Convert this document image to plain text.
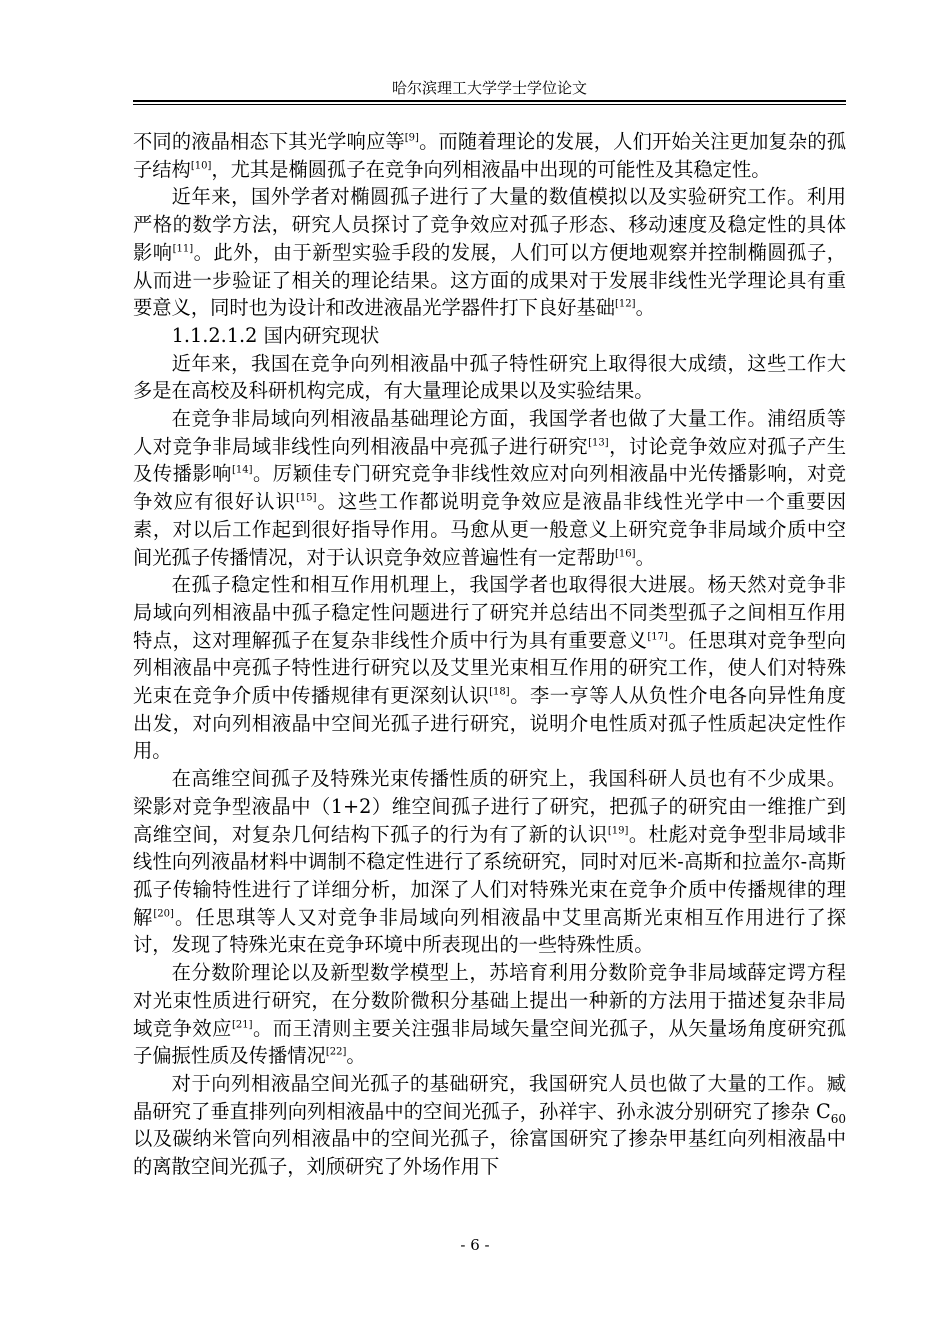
哈尔滨理工大学学士学位论文

不同的液晶相态下其光学响应等[9]。而随着理论的发展，人们开始关注更加复杂的孤子结构[10]，尤其是椭圆孤子在竞争向列相液晶中出现的可能性及其稳定性。

近年来，国外学者对椭圆孤子进行了大量的数值模拟以及实验研究工作。利用严格的数学方法，研究人员探讨了竞争效应对孤子形态、移动速度及稳定性的具体影响[11]。此外，由于新型实验手段的发展，人们可以方便地观察并控制椭圆孤子，从而进一步验证了相关的理论结果。这方面的成果对于发展非线性光学理论具有重要意义，同时也为设计和改进液晶光学器件打下良好基础[12]。

1.1.2.1.2 国内研究现状

近年来，我国在竞争向列相液晶中孤子特性研究上取得很大成绩，这些工作大多是在高校及科研机构完成，有大量理论成果以及实验结果。

在竞争非局域向列相液晶基础理论方面，我国学者也做了大量工作。浦绍质等人对竞争非局域非线性向列相液晶中亮孤子进行研究[13]，讨论竞争效应对孤子产生及传播影响[14]。厉颖佳专门研究竞争非线性效应对向列相液晶中光传播影响，对竞争效应有很好认识[15]。这些工作都说明竞争效应是液晶非线性光学中一个重要因素，对以后工作起到很好指导作用。马愈从更一般意义上研究竞争非局域介质中空间光孤子传播情况，对于认识竞争效应普遍性有一定帮助[16]。

在孤子稳定性和相互作用机理上，我国学者也取得很大进展。杨天然对竞争非局域向列相液晶中孤子稳定性问题进行了研究并总结出不同类型孤子之间相互作用特点，这对理解孤子在复杂非线性介质中行为具有重要意义[17]。任思琪对竞争型向列相液晶中亮孤子特性进行研究以及艾里光束相互作用的研究工作，使人们对特殊光束在竞争介质中传播规律有更深刻认识[18]。李一亨等人从负性介电各向异性角度出发，对向列相液晶中空间光孤子进行研究，说明介电性质对孤子性质起决定性作用。

在高维空间孤子及特殊光束传播性质的研究上，我国科研人员也有不少成果。梁影对竞争型液晶中（1+2）维空间孤子进行了研究，把孤子的研究由一维推广到高维空间，对复杂几何结构下孤子的行为有了新的认识[19]。杜彪对竞争型非局域非线性向列液晶材料中调制不稳定性进行了系统研究，同时对厄米-高斯和拉盖尔-高斯孤子传输特性进行了详细分析，加深了人们对特殊光束在竞争介质中传播规律的理解[20]。任思琪等人又对竞争非局域向列相液晶中艾里高斯光束相互作用进行了探讨，发现了特殊光束在竞争环境中所表现出的一些特殊性质。

在分数阶理论以及新型数学模型上，苏培育利用分数阶竞争非局域薛定谔方程对光束性质进行研究，在分数阶微积分基础上提出一种新的方法用于描述复杂非局域竞争效应[21]。而王清则主要关注强非局域矢量空间光孤子，从矢量场角度研究孤子偏振性质及传播情况[22]。

对于向列相液晶空间光孤子的基础研究，我国研究人员也做了大量的工作。臧晶研究了垂直排列向列相液晶中的空间光孤子，孙祥宇、孙永波分别研究了掺杂 $C_{60}$以及碳纳米管向列相液晶中的空间光孤子，徐富国研究了掺杂甲基红向列相液晶中的离散空间光孤子，刘颀研究了外场作用下

- 6 -
